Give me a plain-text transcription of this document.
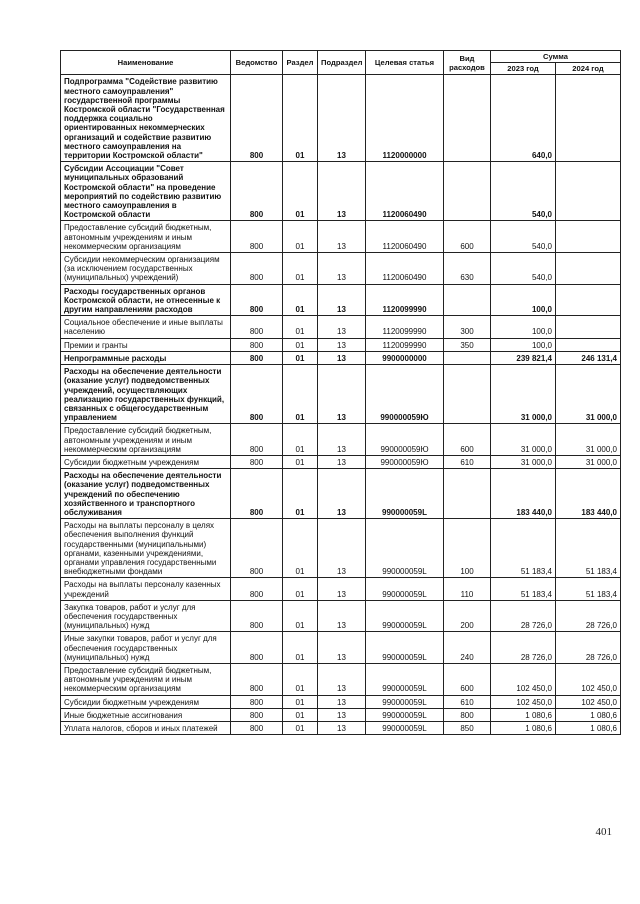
Наименование	Ведомство	Раздел	Подраздел	Целевая статья	Вид расходов	Сумма	
						2023 год	2024 год
Подпрограмма "Содействие развитию местного самоуправления" государственной программы Костромской области "Государственная поддержка социально ориентированных некоммерческих организаций и содействие развитию местного самоуправления на территории Костромской области"	800	01	13	1120000000		640,0	
Субсидии Ассоциации "Совет муниципальных образований Костромской области" на проведение мероприятий по содействию развитию местного самоуправления в Костромской области	800	01	13	1120060490		540,0	
Предоставление субсидий бюджетным, автономным учреждениям и иным некоммерческим организациям	800	01	13	1120060490	600	540,0	
Субсидии некоммерческим организациям (за исключением государственных (муниципальных) учреждений)	800	01	13	1120060490	630	540,0	
Расходы государственных органов Костромской области, не отнесенные к другим направлениям расходов	800	01	13	1120099990		100,0	
Социальное обеспечение и иные выплаты населению	800	01	13	1120099990	300	100,0	
Премии и гранты	800	01	13	1120099990	350	100,0	
Непрограммные расходы	800	01	13	9900000000		239 821,4	246 131,4
Расходы на обеспечение деятельности (оказание услуг) подведомственных учреждений, осуществляющих реализацию государственных функций, связанных с общегосударственным управлением	800	01	13	990000059Ю		31 000,0	31 000,0
Предоставление субсидий бюджетным, автономным учреждениям и иным некоммерческим организациям	800	01	13	990000059Ю	600	31 000,0	31 000,0
Субсидии бюджетным учреждениям	800	01	13	990000059Ю	610	31 000,0	31 000,0
Расходы на обеспечение деятельности (оказание услуг) подведомственных учреждений по обеспечению хозяйственного и транспортного обслуживания	800	01	13	990000059L		183 440,0	183 440,0
Расходы на выплаты персоналу в целях обеспечения выполнения функций государственными (муниципальными) органами, казенными учреждениями, органами управления государственными внебюджетными фондами	800	01	13	990000059L	100	51 183,4	51 183,4
Расходы на выплаты персоналу казенных учреждений	800	01	13	990000059L	110	51 183,4	51 183,4
Закупка товаров, работ и услуг для обеспечения государственных (муниципальных) нужд	800	01	13	990000059L	200	28 726,0	28 726,0
Иные закупки товаров, работ и услуг для обеспечения государственных (муниципальных) нужд	800	01	13	990000059L	240	28 726,0	28 726,0
Предоставление субсидий бюджетным, автономным учреждениям и иным некоммерческим организациям	800	01	13	990000059L	600	102 450,0	102 450,0
Субсидии бюджетным учреждениям	800	01	13	990000059L	610	102 450,0	102 450,0
Иные бюджетные ассигнования	800	01	13	990000059L	800	1 080,6	1 080,6
Уплата налогов, сборов и иных платежей	800	01	13	990000059L	850	1 080,6	1 080,6
401
